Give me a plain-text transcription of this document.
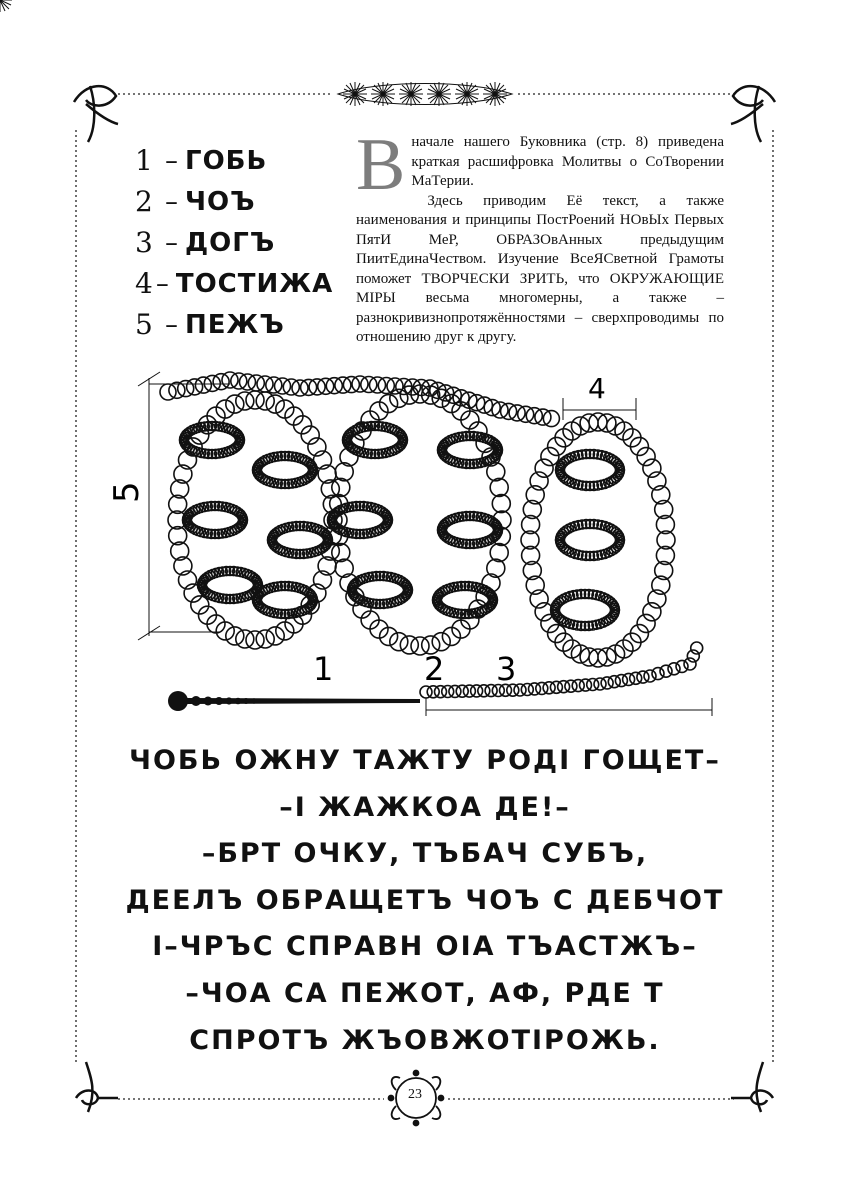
1 – ГОБЬ
2 – ЧОЪ
3 – ДОГЪ
4 – ТОСТИЖА
5 – ПЕЖЪ
В начале нашего Буковника (стр. 8) приведена краткая расшифровка Молитвы о СоТворении МаТерии.

Здесь приводим Её текст, а также наименования и принципы ПостРоений НОвЫх Первых ПятИ МеР, ОБРАЗОвАнных предыдущим ПиитЕдинаЧеством. Изучение ВсеЯСветной Грамоты поможет ТВОРЧЕСКИ ЗРИТЬ, что ОКРУЖАЮЩИЕ МIРЫ весьма многомерны, а также – разнокривизнопротяжённостями – сверхпроводимы по отношению друг к другу.

5
4
1	2 3
ЧОБЬ ОЖНУ ТАЖТУ РОДI ГОЩЕТ–
–I ЖАЖКОА ДЕ!–
–БРТ ОЧКУ, ТЪБАЧ СУБЪ,
ДЕЕЛЪ ОБРАЩЕТЪ ЧОЪ С ДЕБЧОТ
I–ЧРЪС СПРАВН ОIА ТЪАСТЖЪ–
–ЧОА СА ПЕЖОТ, АФ, РДЕ Т
СПРОТЪ ЖЪОВЖОТIРОЖЬ.
23
